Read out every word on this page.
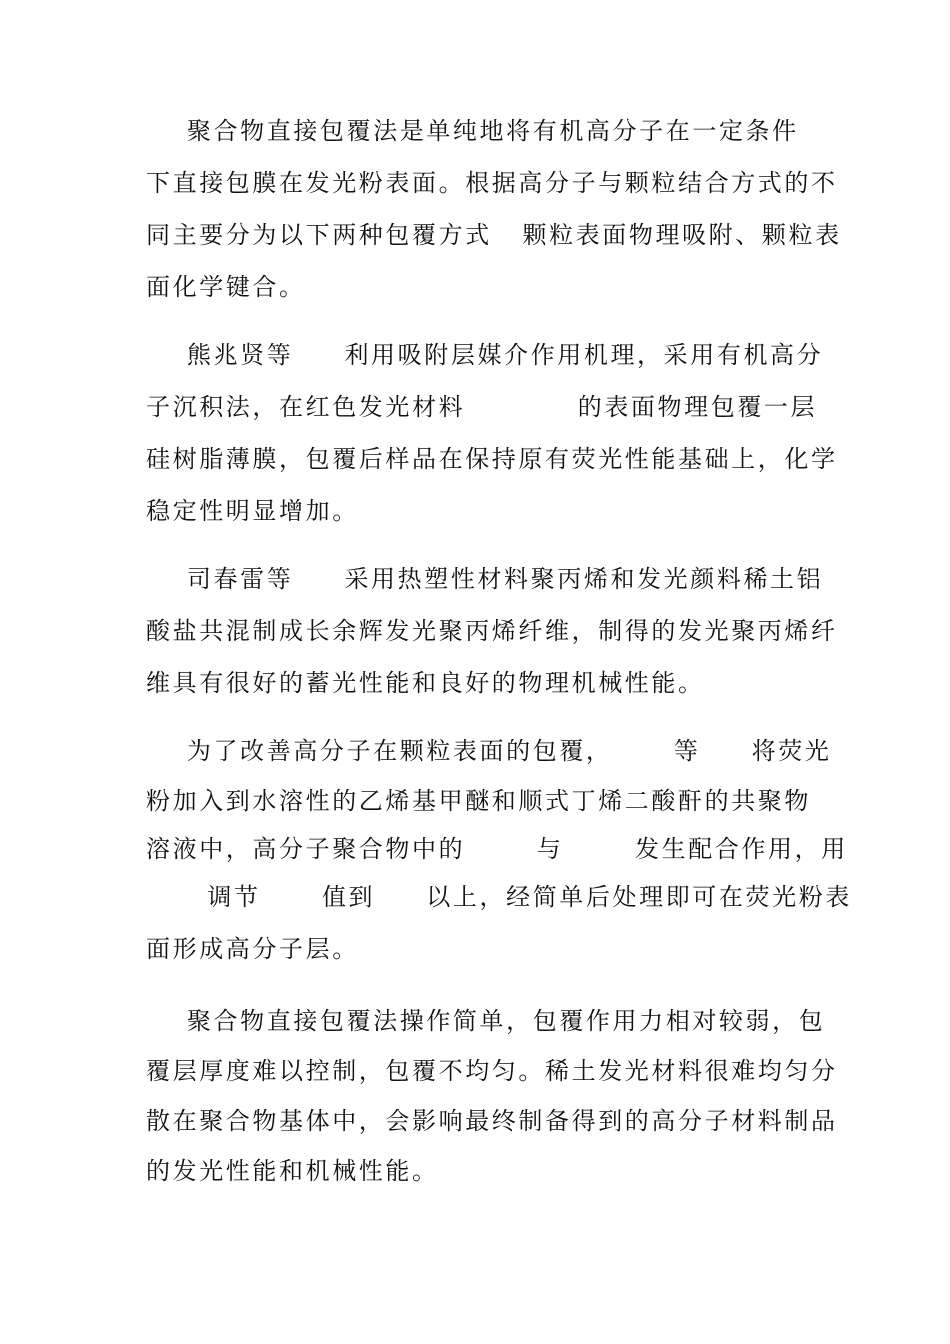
聚合物直接包覆法是单纯地将有机高分子在一定条件
下直接包膜在发光粉表面。根据高分子与颗粒结合方式的不
同主要分为以下两种包覆方式   颗粒表面物理吸附、颗粒表
面化学键合。
熊兆贤等     利用吸附层媒介作用机理，采用有机高分
子沉积法，在红色发光材料           的表面物理包覆一层
硅树脂薄膜，包覆后样品在保持原有荧光性能基础上，化学
稳定性明显增加。
司春雷等     采用热塑性材料聚丙烯和发光颜料稀土铝
酸盐共混制成长余辉发光聚丙烯纤维，制得的发光聚丙烯纤
维具有很好的蓄光性能和良好的物理机械性能。
为了改善高分子在颗粒表面的包覆，      等     将荧光
粉加入到水溶性的乙烯基甲醚和顺式丁烯二酸酐的共聚物
溶液中，高分子聚合物中的       与       发生配合作用，用
调节      值到     以上，经简单后处理即可在荧光粉表
面形成高分子层。
聚合物直接包覆法操作简单，包覆作用力相对较弱，包
覆层厚度难以控制，包覆不均匀。稀土发光材料很难均匀分
散在聚合物基体中，会影响最终制备得到的高分子材料制品
的发光性能和机械性能。
